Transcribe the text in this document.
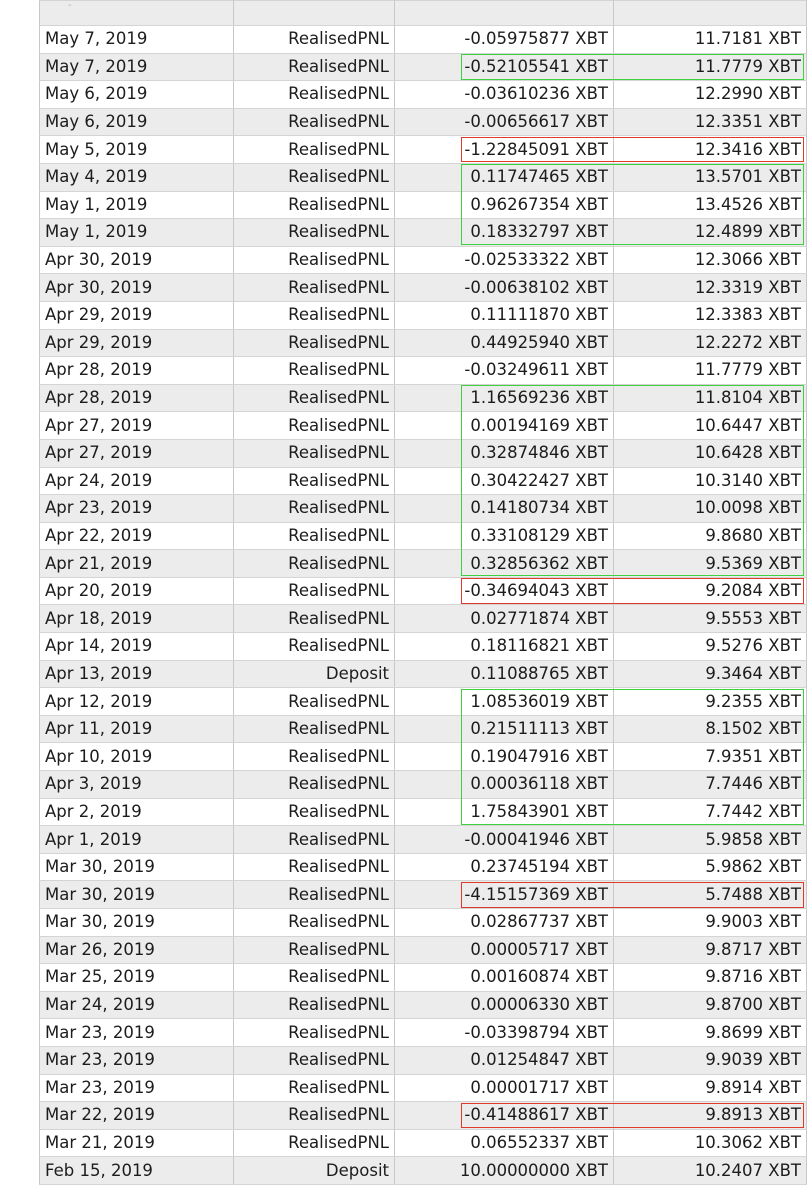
-			
May 7, 2019	RealisedPNL	-0.05975877 XBT	11.7181 XBT
May 7, 2019	RealisedPNL	-0.52105541 XBT	11.7779 XBT
May 6, 2019	RealisedPNL	-0.03610236 XBT	12.2990 XBT
May 6, 2019	RealisedPNL	-0.00656617 XBT	12.3351 XBT
May 5, 2019	RealisedPNL	-1.22845091 XBT	12.3416 XBT
May 4, 2019	RealisedPNL	0.11747465 XBT	13.5701 XBT
May 1, 2019	RealisedPNL	0.96267354 XBT	13.4526 XBT
May 1, 2019	RealisedPNL	0.18332797 XBT	12.4899 XBT
Apr 30, 2019	RealisedPNL	-0.02533322 XBT	12.3066 XBT
Apr 30, 2019	RealisedPNL	-0.00638102 XBT	12.3319 XBT
Apr 29, 2019	RealisedPNL	0.11111870 XBT	12.3383 XBT
Apr 29, 2019	RealisedPNL	0.44925940 XBT	12.2272 XBT
Apr 28, 2019	RealisedPNL	-0.03249611 XBT	11.7779 XBT
Apr 28, 2019	RealisedPNL	1.16569236 XBT	11.8104 XBT
Apr 27, 2019	RealisedPNL	0.00194169 XBT	10.6447 XBT
Apr 27, 2019	RealisedPNL	0.32874846 XBT	10.6428 XBT
Apr 24, 2019	RealisedPNL	0.30422427 XBT	10.3140 XBT
Apr 23, 2019	RealisedPNL	0.14180734 XBT	10.0098 XBT
Apr 22, 2019	RealisedPNL	0.33108129 XBT	9.8680 XBT
Apr 21, 2019	RealisedPNL	0.32856362 XBT	9.5369 XBT
Apr 20, 2019	RealisedPNL	-0.34694043 XBT	9.2084 XBT
Apr 18, 2019	RealisedPNL	0.02771874 XBT	9.5553 XBT
Apr 14, 2019	RealisedPNL	0.18116821 XBT	9.5276 XBT
Apr 13, 2019	Deposit	0.11088765 XBT	9.3464 XBT
Apr 12, 2019	RealisedPNL	1.08536019 XBT	9.2355 XBT
Apr 11, 2019	RealisedPNL	0.21511113 XBT	8.1502 XBT
Apr 10, 2019	RealisedPNL	0.19047916 XBT	7.9351 XBT
Apr 3, 2019	RealisedPNL	0.00036118 XBT	7.7446 XBT
Apr 2, 2019	RealisedPNL	1.75843901 XBT	7.7442 XBT
Apr 1, 2019	RealisedPNL	-0.00041946 XBT	5.9858 XBT
Mar 30, 2019	RealisedPNL	0.23745194 XBT	5.9862 XBT
Mar 30, 2019	RealisedPNL	-4.15157369 XBT	5.7488 XBT
Mar 30, 2019	RealisedPNL	0.02867737 XBT	9.9003 XBT
Mar 26, 2019	RealisedPNL	0.00005717 XBT	9.8717 XBT
Mar 25, 2019	RealisedPNL	0.00160874 XBT	9.8716 XBT
Mar 24, 2019	RealisedPNL	0.00006330 XBT	9.8700 XBT
Mar 23, 2019	RealisedPNL	-0.03398794 XBT	9.8699 XBT
Mar 23, 2019	RealisedPNL	0.01254847 XBT	9.9039 XBT
Mar 23, 2019	RealisedPNL	0.00001717 XBT	9.8914 XBT
Mar 22, 2019	RealisedPNL	-0.41488617 XBT	9.8913 XBT
Mar 21, 2019	RealisedPNL	0.06552337 XBT	10.3062 XBT
Feb 15, 2019	Deposit	10.00000000 XBT	10.2407 XBT
